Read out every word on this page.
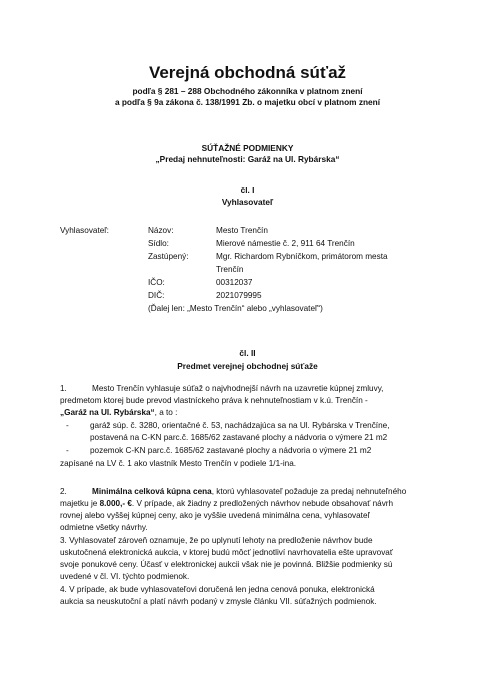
Verejná obchodná súťaž
podľa § 281 – 288 Obchodného zákonníka v platnom znení
a podľa § 9a zákona č. 138/1991 Zb. o majetku obcí v platnom znení
SÚŤAŽNÉ PODMIENKY
„Predaj nehnuteľnosti: Garáž na Ul. Rybárska“
čl. I
Vyhlasovateľ
Vyhlasovateľ:	Názov:	Mesto Trenčín
Sídlo:	Mierové námestie č. 2, 911 64 Trenčín
Zastúpený:	Mgr. Richardom Rybníčkom, primátorom mesta
Trenčín
IČO:	00312037
DIČ:	2021079995
(Ďalej len: „Mesto Trenčín“ alebo „vyhlasovateľ“)
čl. II
Predmet verejnej obchodnej súťaže
1.	Mesto Trenčín vyhlasuje súťaž o najvhodnejší návrh na uzavretie kúpnej zmluvy,
predmetom ktorej bude prevod vlastníckeho práva k nehnuteľnostiam v k.ú. Trenčín -
„Garáž na Ul. Rybárska“, a to :
-	garáž súp. č. 3280, orientačné č. 53, nachádzajúca sa na Ul. Rybárska v Trenčíne,
postavená na C-KN parc.č. 1685/62 zastavané plochy a nádvoria o výmere 21 m2
-	pozemok C-KN parc.č. 1685/62 zastavané plochy a nádvoria o výmere 21 m2
zapísané na LV č. 1 ako vlastník Mesto Trenčín v podiele 1/1-ina.
2.	Minimálna celková kúpna cena, ktorú vyhlasovateľ požaduje za predaj nehnuteľného
majetku je 8.000,- €. V prípade, ak žiadny z predložených návrhov nebude obsahovať návrh
rovnej alebo vyššej kúpnej ceny, ako je vyššie uvedená minimálna cena, vyhlasovateľ
odmietne všetky návrhy.
3. Vyhlasovateľ zároveň oznamuje, že po uplynutí lehoty na predloženie návrhov bude
uskutočnená elektronická aukcia, v ktorej budú môcť jednotliví navrhovatelia ešte upravovať
svoje ponukové ceny. Účasť v elektronickej aukcii však nie je povinná. Bližšie podmienky sú
uvedené v čl. VI. týchto podmienok.
4. V prípade, ak bude vyhlasovateľovi doručená len jedna cenová ponuka, elektronická
aukcia sa neuskutoční a platí návrh podaný v zmysle článku VII. súťažných podmienok.
